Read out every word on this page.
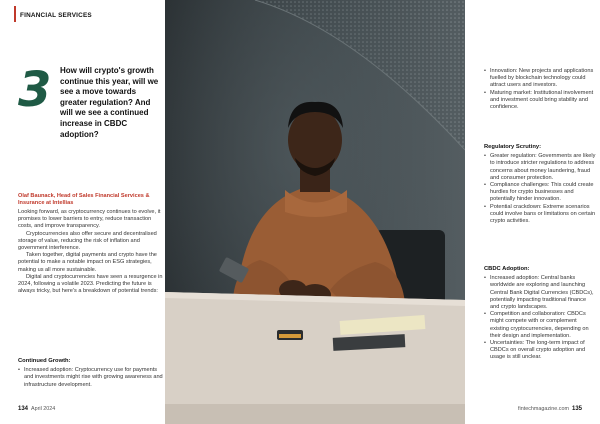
FINANCIAL SERVICES
3 How will crypto's growth continue this year, will we see a move towards greater regulation? And will we see a continued increase in CBDC adoption?
Olaf Baunack, Head of Sales Financial Services & Insurance at Intellias

Looking forward, as cryptocurrency continues to evolve, it promises to lower barriers to entry, reduce transaction costs, and improve transparency.

Cryptocurrencies also offer secure and decentralised storage of value, reducing the risk of inflation and government interference.

Taken together, digital payments and crypto have the potential to make a notable impact on ESG strategies, making us all more sustainable.

Digital and cryptocurrencies have seen a resurgence in 2024, following a volatile 2023. Predicting the future is always tricky, but here's a breakdown of potential trends:

Continued Growth:
• Increased adoption: Cryptocurrency use for payments and investments might rise with growing awareness and infrastructure development.
134 April 2024
• Innovation: New projects and applications fuelled by blockchain technology could attract users and investors.
• Maturing market: Institutional involvement and investment could bring stability and confidence.
Regulatory Scrutiny:
• Greater regulation: Governments are likely to introduce stricter regulations to address concerns about money laundering, fraud and consumer protection.
• Compliance challenges: This could create hurdles for crypto businesses and potentially hinder innovation.
• Potential crackdown: Extreme scenarios could involve bans or limitations on certain crypto activities.
CBDC Adoption:
• Increased adoption: Central banks worldwide are exploring and launching Central Bank Digital Currencies (CBDCs), potentially impacting traditional finance and crypto landscapes.
• Competition and collaboration: CBDCs might compete with or complement existing cryptocurrencies, depending on their design and implementation.
• Uncertainties: The long-term impact of CBDCs on overall crypto adoption and usage is still unclear.
fintechmagazine.com 135
